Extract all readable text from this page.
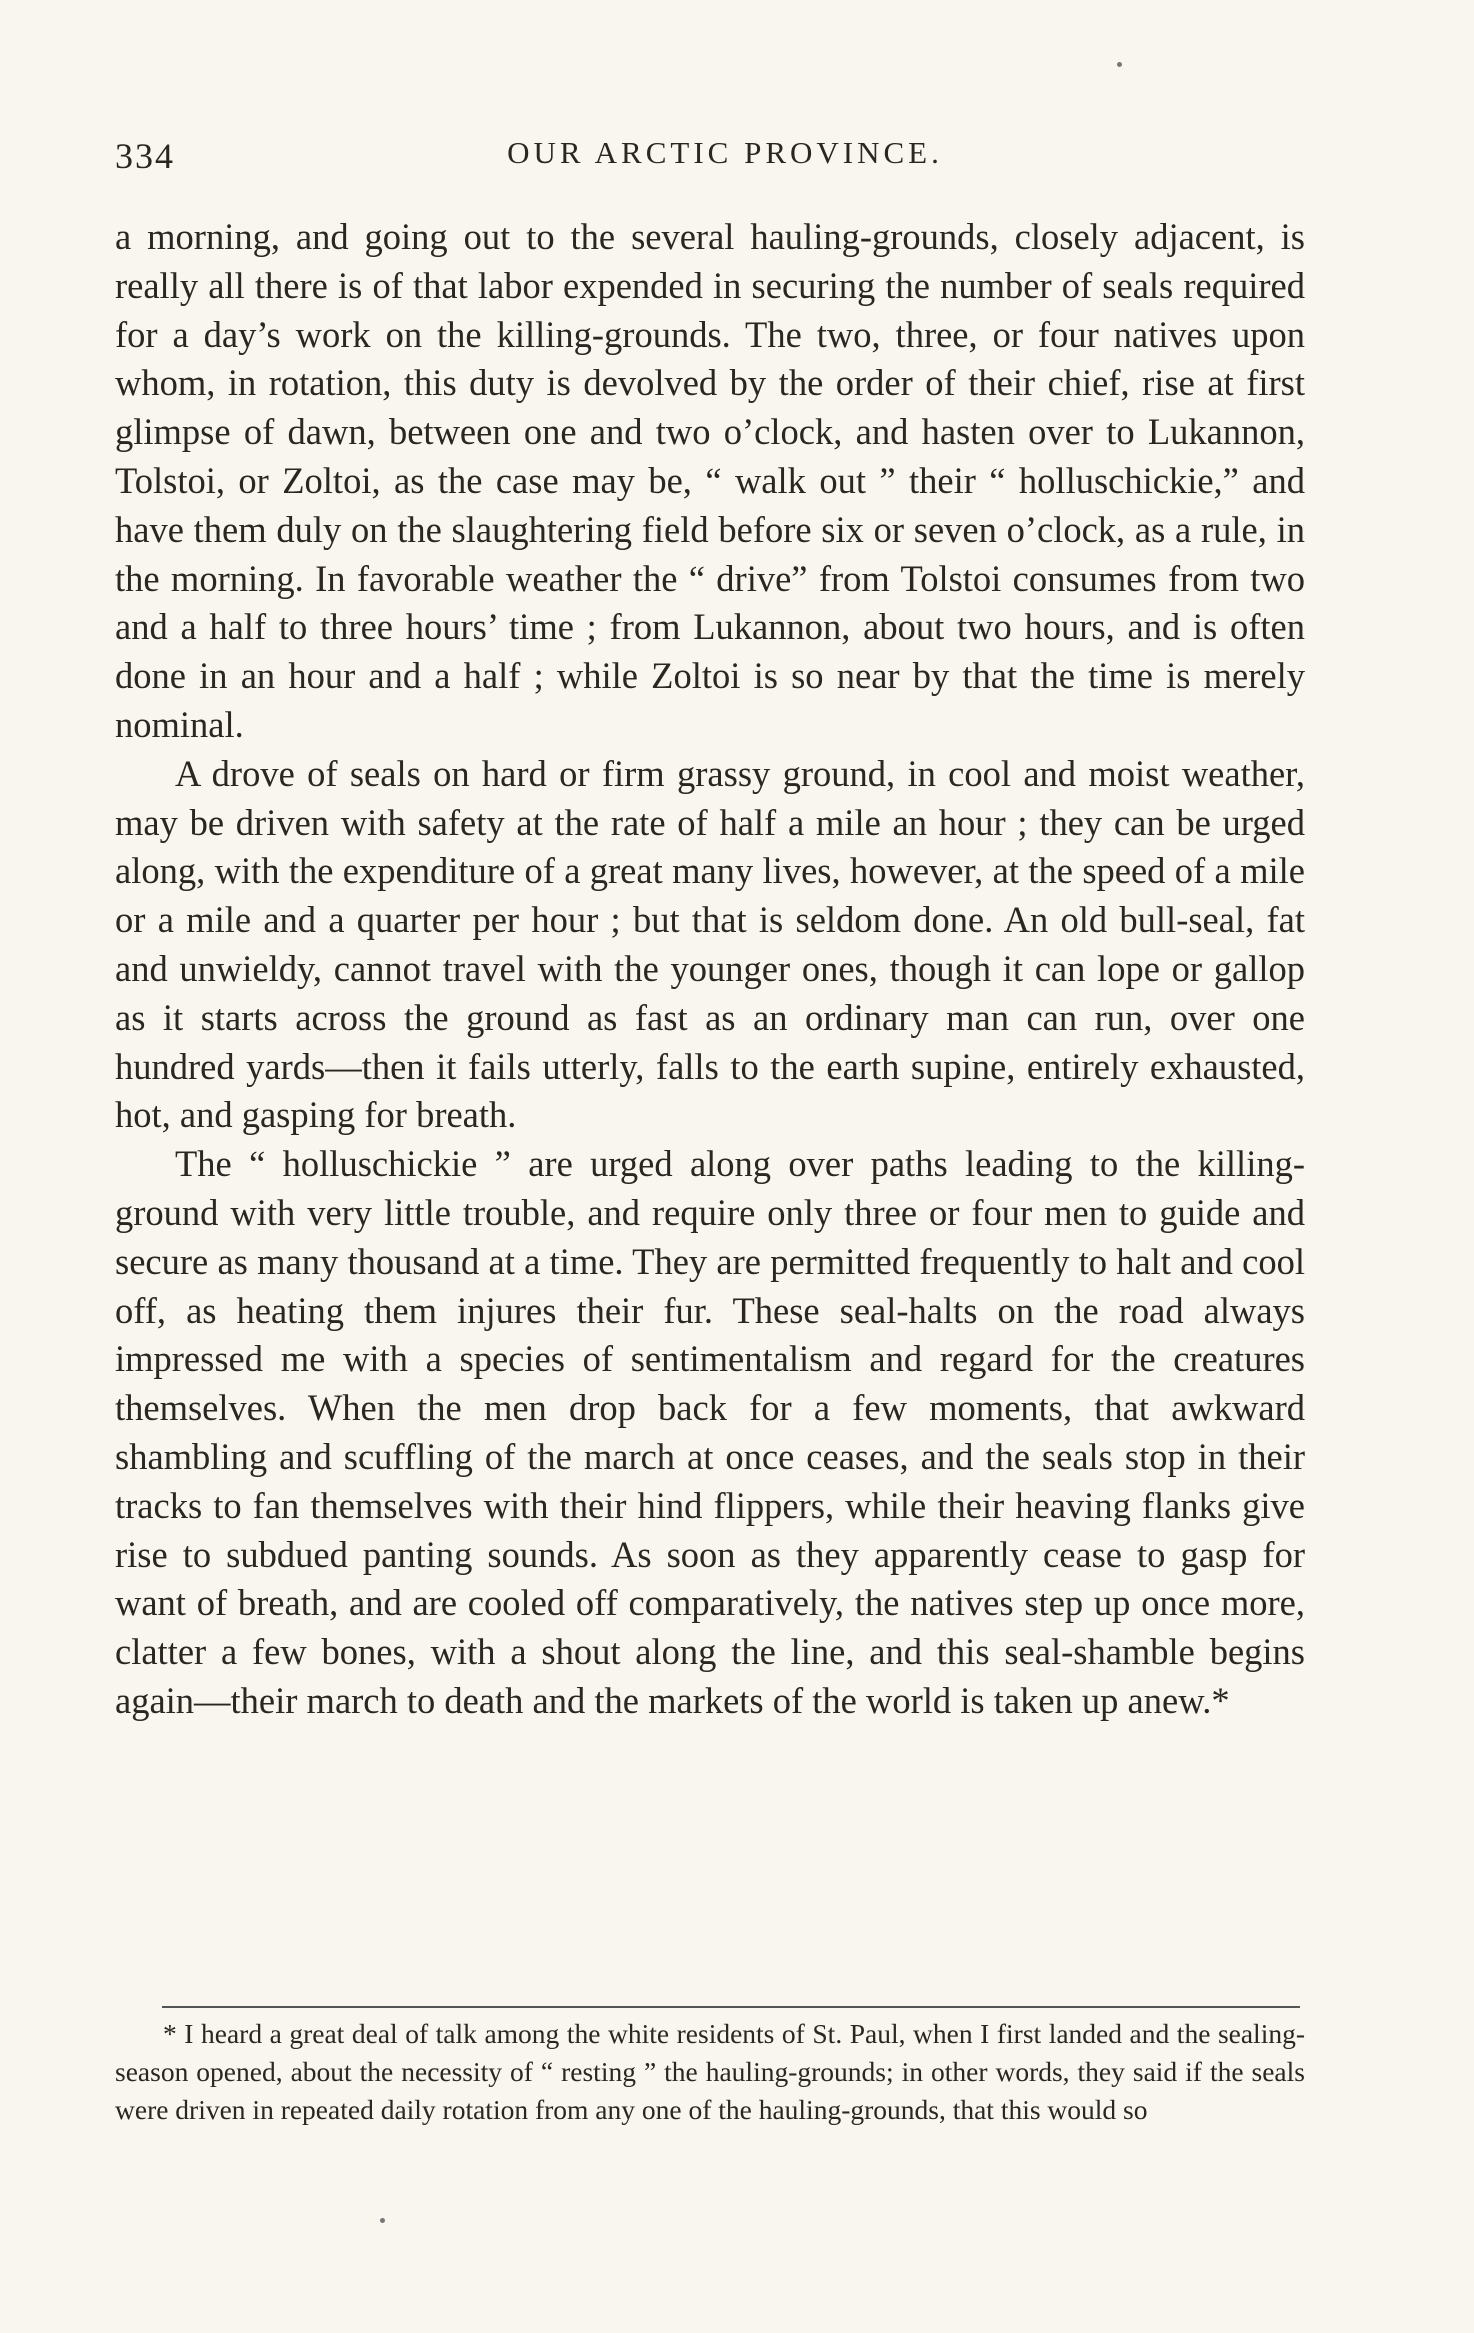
334	OUR ARCTIC PROVINCE.

a morning, and going out to the several hauling-grounds, closely adjacent, is really all there is of that labor expended in securing the number of seals required for a day’s work on the killing-grounds. The two, three, or four natives upon whom, in rotation, this duty is devolved by the order of their chief, rise at first glimpse of dawn, between one and two o’clock, and hasten over to Lukannon, Tolstoi, or Zoltoi, as the case may be, “ walk out ” their “ holluschickie,” and have them duly on the slaughtering field before six or seven o’clock, as a rule, in the morning. In favorable weather the “ drive” from Tolstoi consumes from two and a half to three hours’ time ; from Lukannon, about two hours, and is often done in an hour and a half ; while Zoltoi is so near by that the time is merely nominal.

A drove of seals on hard or firm grassy ground, in cool and moist weather, may be driven with safety at the rate of half a mile an hour ; they can be urged along, with the expenditure of a great many lives, however, at the speed of a mile or a mile and a quarter per hour ; but that is seldom done. An old bull-seal, fat and unwieldy, cannot travel with the younger ones, though it can lope or gallop as it starts across the ground as fast as an ordinary man can run, over one hundred yards—then it fails utterly, falls to the earth supine, entirely exhausted, hot, and gasping for breath.

The “ holluschickie ” are urged along over paths leading to the killing-ground with very little trouble, and require only three or four men to guide and secure as many thousand at a time. They are permitted frequently to halt and cool off, as heating them injures their fur. These seal-halts on the road always impressed me with a species of sentimentalism and regard for the creatures themselves. When the men drop back for a few moments, that awkward shambling and scuffling of the march at once ceases, and the seals stop in their tracks to fan themselves with their hind flippers, while their heaving flanks give rise to subdued panting sounds. As soon as they apparently cease to gasp for want of breath, and are cooled off comparatively, the natives step up once more, clatter a few bones, with a shout along the line, and this seal-shamble begins again—their march to death and the markets of the world is taken up anew.*

* I heard a great deal of talk among the white residents of St. Paul, when I first landed and the sealing-season opened, about the necessity of “ resting ” the hauling-grounds; in other words, they said if the seals were driven in repeated daily rotation from any one of the hauling-grounds, that this would so
